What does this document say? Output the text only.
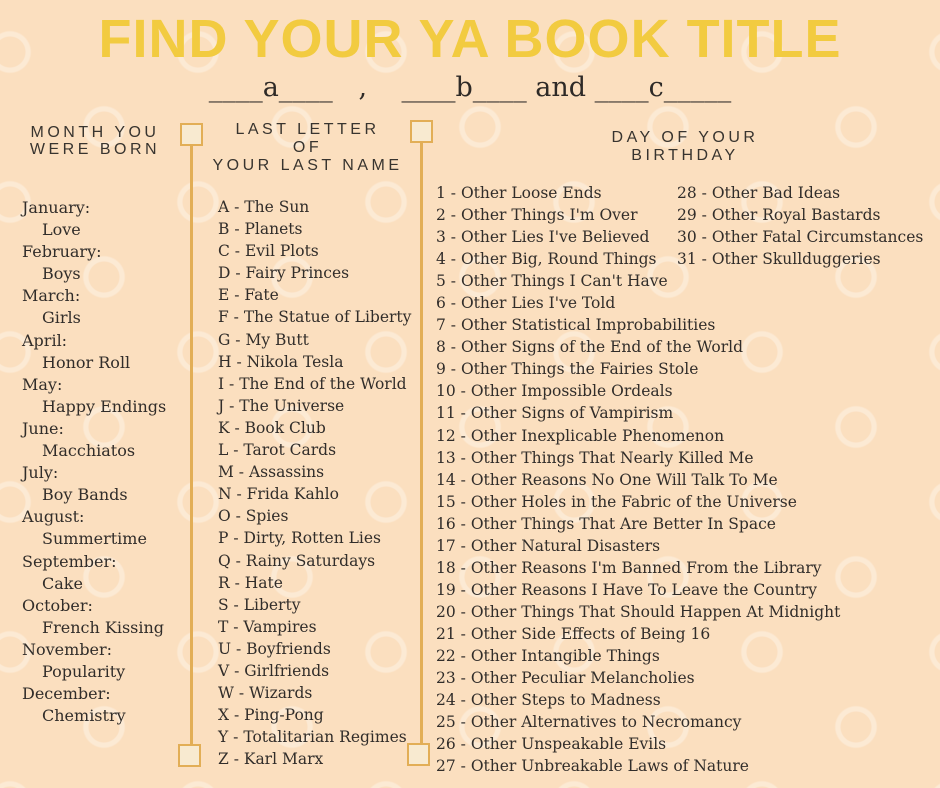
FIND YOUR YA BOOK TITLE
____a____   ,    ____b____ and ____c_____
MONTH YOU
WERE BORN
January:
Love
February:
Boys
March:
Girls
April:
Honor Roll
May:
Happy Endings
June:
Macchiatos
July:
Boy Bands
August:
Summertime
September:
Cake
October:
French Kissing
November:
Popularity
December:
Chemistry
LAST LETTER
OF
YOUR LAST NAME
A - The Sun
B - Planets
C - Evil Plots
D - Fairy Princes
E - Fate
F - The Statue of Liberty
G - My Butt
H - Nikola Tesla
I - The End of the World
J - The Universe
K - Book Club
L - Tarot Cards
M - Assassins
N - Frida Kahlo
O - Spies
P - Dirty, Rotten Lies
Q - Rainy Saturdays
R - Hate
S - Liberty
T - Vampires
U - Boyfriends
V - Girlfriends
W - Wizards
X - Ping-Pong
Y - Totalitarian Regimes
Z - Karl Marx
DAY OF YOUR
BIRTHDAY
1 - Other Loose Ends
2 - Other Things I'm Over
3 - Other Lies I've Believed
4 - Other Big, Round Things
5 - Other Things I Can't Have
6 - Other Lies I've Told
7 - Other Statistical Improbabilities
8 - Other Signs of the End of the World
9 - Other Things the Fairies Stole
10 - Other Impossible Ordeals
11 - Other Signs of Vampirism
12 - Other Inexplicable Phenomenon
13 - Other Things That Nearly Killed Me
14 - Other Reasons No One Will Talk To Me
15 - Other Holes in the Fabric of the Universe
16 - Other Things That Are Better In Space
17 - Other Natural Disasters
18 - Other Reasons I'm Banned From the Library
19 - Other Reasons I Have To Leave the Country
20 - Other Things That Should Happen At Midnight
21 - Other Side Effects of Being 16
22 - Other Intangible Things
23 - Other Peculiar Melancholies
24 - Other Steps to Madness
25 - Other Alternatives to Necromancy
26 - Other Unspeakable Evils
27 - Other Unbreakable Laws of Nature
28 - Other Bad Ideas
29 - Other Royal Bastards
30 - Other Fatal Circumstances
31 - Other Skullduggeries
